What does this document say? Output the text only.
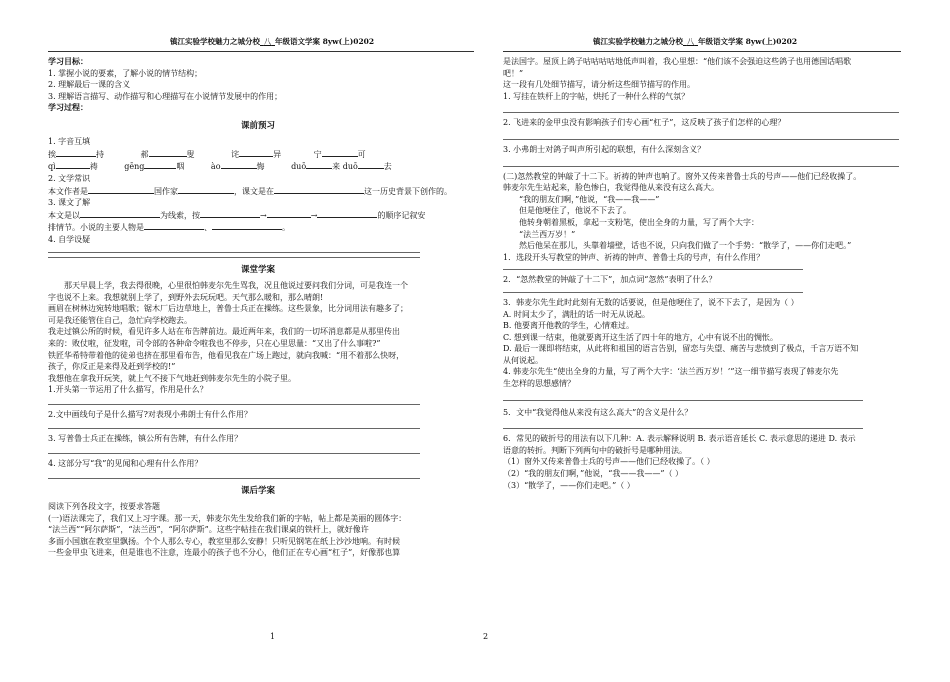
镇江实验学校魅力之城分校_八_年级语文学案 8yw(上)0202	镇江实验学校魅力之城分校_八_年级语文学案 8yw(上)0202
1	2
学习目标：
1. 掌握小说的要素，了解小说的情节结构；
2. 理解最后一课的含义
3. 理解语言描写、动作描写和心理描写在小说情节发展中的作用；
学习过程：
课前预习
1. 字音互填
挨	持	郝	叟	诧	异	宁	可
qì	祷	gēng	咽	ào	悔	duō	来 duō	去
2. 文学常识
本文作者是	国作家	，课文是在	这一历史背景下创作的。
3. 课文了解
本文是以	为线索，按	→	→	的顺序记叙安
排情节。小说的主要人物是	、	。
4. 自学设疑
课堂学案
那天早晨上学，我去得很晚，心里很怕韩麦尔先生骂我，况且他说过要问我们分词，可是我连一个
字也说不上来。我想就别上学了，到野外去玩玩吧。天气那么暖和，那么晴朗!
画眉在树林边宛转地唱歌；锯木厂后边草地上，普鲁士兵正在操练。这些景象，比分词用法有趣多了；
可是我还能管住自己，急忙向学校跑去。
我走过镇公所的时候，看见许多人站在布告牌前边。最近两年来，我们的一切坏消息都是从那里传出
来的：败仗啦，征发啦，司令部的各种命令啦我也不停步，只在心里思量：“又出了什么事啦?”
铁匠华希特带着他的徒弟也挤在那里看布告，他看见我在广场上跑过，就向我喊：“用不着那么快呀，
孩子，你反正是来得及赶到学校的!”
我想他在拿我开玩笑，就上气不接下气地赶到韩麦尔先生的小院子里。
1.开头第一节运用了什么描写，作用是什么？
2.文中画线句子是什么描写?对表现小弗朗士有什么作用？
3. 写普鲁士兵正在操练，镇公所有告牌，有什么作用？
4. 这部分写“我”的见闻和心理有什么作用？
课后学案
阅读下列各段文字，按要求答题
(一)语法课完了，我们又上习字课。那一天，韩麦尔先生发给我们新的字帖，帖上都是美丽的圆体字：
“法兰西”“阿尔萨斯”，“法兰西”，“阿尔萨斯”。这些字帖挂在我们课桌的铁杆上，就好像许
多面小国旗在教室里飘扬。个个人那么专心，教室里那么安静！只听见钢笔在纸上沙沙地响。有时候
一些金甲虫飞进来，但是谁也不注意，连最小的孩子也不分心，他们正在专心画“杠子”，好像那也算
是法国字。屋顶上鸽子咕咕咕咕地低声叫着，我心里想：“他们该不会强迫这些鸽子也用德国话唱歌
吧！”
这一段有几处细节描写，请分析这些细节描写的作用。
1. 写挂在铁杆上的字帖，烘托了一种什么样的气氛？
2. 飞进来的金甲虫没有影响孩子们专心画“杠子”，这反映了孩子们怎样的心理？
3. 小弗朗士对鸽子叫声所引起的联想，有什么深刻含义？
(二)忽然教堂的钟敲了十二下。祈祷的钟声也响了。窗外又传来普鲁士兵的号声——他们已经收操了。
韩麦尔先生站起来，脸色惨白，我觉得他从来没有这么高大。
“我的朋友们啊，”他说，“我——我——”
但是他哽住了，他说不下去了。
他转身朝着黑板，拿起一支粉笔，使出全身的力量，写了两个大字：
“法兰西万岁！”
然后他呆在那儿，头靠着墙壁，话也不说，只向我们做了一个手势：“散学了，——你们走吧。”
1．选段开头写教堂的钟声、祈祷的钟声、普鲁士兵的号声，有什么作用？
2．“忽然教堂的钟敲了十二下”，加点词“忽然”表明了什么？
3．韩麦尔先生此时此刻有无数的话要说，但是他哽住了，说不下去了，是因为（ ）
A. 时间太少了，满肚的话一时无从说起。
B. 他要离开他教的学生，心情难过。
C. 想到课一结束，他就要离开这生活了四十年的地方，心中有说不出的惆怅。
D. 最后一课即将结束，从此将和祖国的语言告别，留恋与失望、痛苦与悲愤到了极点，千言万语不知
从何说起。
4. 韩麦尔先生“使出全身的力量，写了两个大字：‘法兰西万岁！’”这一细节描写表现了韩麦尔先
生怎样的思想感情？
5．文中“我觉得他从来没有这么高大”的含义是什么？
6．常见的破折号的用法有以下几种：A. 表示解释说明 B. 表示语音延长 C. 表示意思的递进 D. 表示
语意的转折。判断下列两句中的破折号是哪种用法。
（1）窗外又传来普鲁士兵的号声——他们已经收操了。（ ）
（2）“我的朋友们啊，”他说，“我——我——”（ ）
（3）“散学了，——你们走吧。”（ ）
